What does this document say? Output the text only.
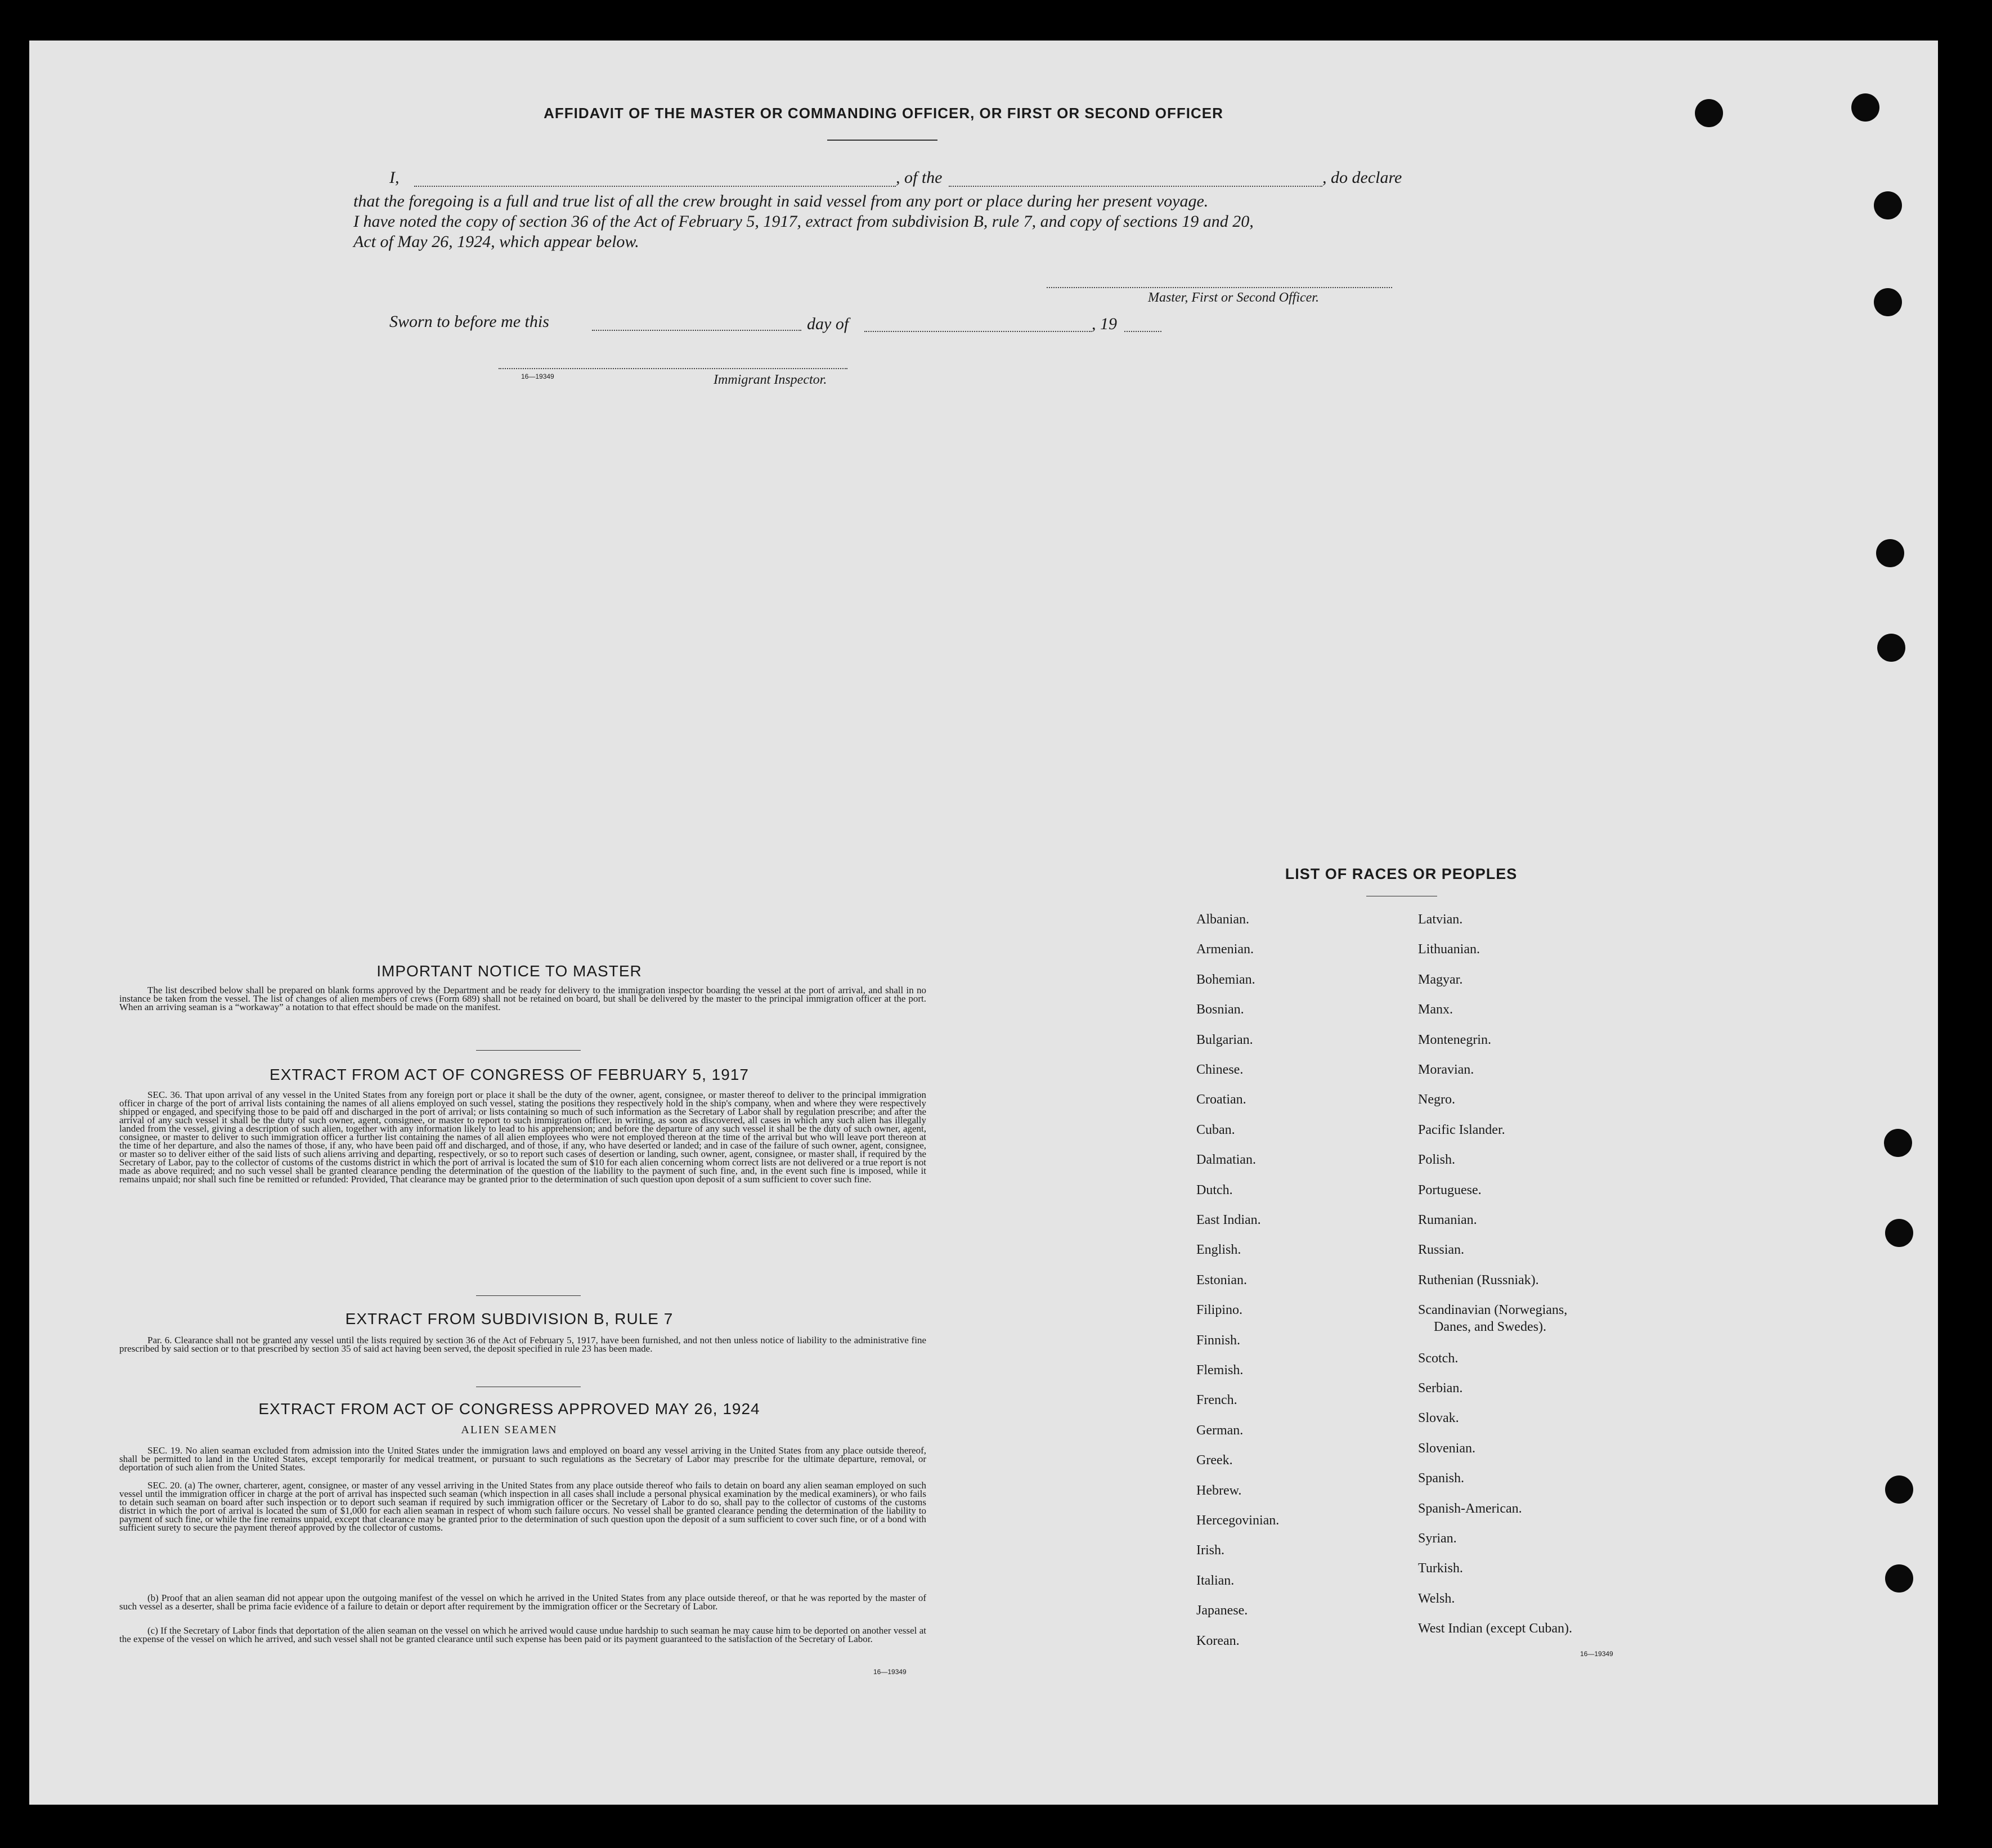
AFFIDAVIT OF THE MASTER OR COMMANDING OFFICER, OR FIRST OR SECOND OFFICER
I,	, of the	, do declare
that the foregoing is a full and true list of all the crew brought in said vessel from any port or place during her present voyage.
I have noted the copy of section 36 of the Act of February 5, 1917, extract from subdivision B, rule 7, and copy of sections 19 and 20,
Act of May 26, 1924, which appear below.
Master, First or Second Officer.
Sworn to before me this	day of	, 19
16—19349	Immigrant Inspector.
IMPORTANT NOTICE TO MASTER
The list described below shall be prepared on blank forms approved by the Department and be ready for delivery to the immigration inspector boarding the vessel at the port of arrival, and shall in no instance be taken from the vessel. The list of changes of alien members of crews (Form 689) shall not be retained on board, but shall be delivered by the master to the principal immigration officer at the port. When an arriving seaman is a “workaway” a notation to that effect should be made on the manifest.
EXTRACT FROM ACT OF CONGRESS OF FEBRUARY 5, 1917
SEC. 36. That upon arrival of any vessel in the United States from any foreign port or place it shall be the duty of the owner, agent, consignee, or master thereof to deliver to the principal immigration officer in charge of the port of arrival lists containing the names of all aliens employed on such vessel, stating the positions they respectively hold in the ship's company, when and where they were respectively shipped or engaged, and specifying those to be paid off and discharged in the port of arrival; or lists containing so much of such information as the Secretary of Labor shall by regulation prescribe; and after the arrival of any such vessel it shall be the duty of such owner, agent, consignee, or master to report to such immigration officer, in writing, as soon as discovered, all cases in which any such alien has illegally landed from the vessel, giving a description of such alien, together with any information likely to lead to his apprehension; and before the departure of any such vessel it shall be the duty of such owner, agent, consignee, or master to deliver to such immigration officer a further list containing the names of all alien employees who were not employed thereon at the time of the arrival but who will leave port thereon at the time of her departure, and also the names of those, if any, who have been paid off and discharged, and of those, if any, who have deserted or landed; and in case of the failure of such owner, agent, consignee, or master so to deliver either of the said lists of such aliens arriving and departing, respectively, or so to report such cases of desertion or landing, such owner, agent, consignee, or master shall, if required by the Secretary of Labor, pay to the collector of customs of the customs district in which the port of arrival is located the sum of $10 for each alien concerning whom correct lists are not delivered or a true report is not made as above required; and no such vessel shall be granted clearance pending the determination of the question of the liability to the payment of such fine, and, in the event such fine is imposed, while it remains unpaid; nor shall such fine be remitted or refunded: Provided, That clearance may be granted prior to the determination of such question upon deposit of a sum sufficient to cover such fine.
EXTRACT FROM SUBDIVISION B, RULE 7
Par. 6. Clearance shall not be granted any vessel until the lists required by section 36 of the Act of February 5, 1917, have been furnished, and not then unless notice of liability to the administrative fine prescribed by said section or to that prescribed by section 35 of said act having been served, the deposit specified in rule 23 has been made.
EXTRACT FROM ACT OF CONGRESS APPROVED MAY 26, 1924
ALIEN SEAMEN
SEC. 19. No alien seaman excluded from admission into the United States under the immigration laws and employed on board any vessel arriving in the United States from any place outside thereof, shall be permitted to land in the United States, except temporarily for medical treatment, or pursuant to such regulations as the Secretary of Labor may prescribe for the ultimate departure, removal, or deportation of such alien from the United States.
SEC. 20. (a) The owner, charterer, agent, consignee, or master of any vessel arriving in the United States from any place outside thereof who fails to detain on board any alien seaman employed on such vessel until the immigration officer in charge at the port of arrival has inspected such seaman (which inspection in all cases shall include a personal physical examination by the medical examiners), or who fails to detain such seaman on board after such inspection or to deport such seaman if required by such immigration officer or the Secretary of Labor to do so, shall pay to the collector of customs of the customs district in which the port of arrival is located the sum of $1,000 for each alien seaman in respect of whom such failure occurs. No vessel shall be granted clearance pending the determination of the liability to payment of such fine, or while the fine remains unpaid, except that clearance may be granted prior to the determination of such question upon the deposit of a sum sufficient to cover such fine, or of a bond with sufficient surety to secure the payment thereof approved by the collector of customs.
(b) Proof that an alien seaman did not appear upon the outgoing manifest of the vessel on which he arrived in the United States from any place outside thereof, or that he was reported by the master of such vessel as a deserter, shall be prima facie evidence of a failure to detain or deport after requirement by the immigration officer or the Secretary of Labor.
(c) If the Secretary of Labor finds that deportation of the alien seaman on the vessel on which he arrived would cause undue hardship to such seaman he may cause him to be deported on another vessel at the expense of the vessel on which he arrived, and such vessel shall not be granted clearance until such expense has been paid or its payment guaranteed to the satisfaction of the Secretary of Labor.
16—19349
LIST OF RACES OR PEOPLES
16—19349
Albanian.
Armenian.
Bohemian.
Bosnian.
Bulgarian.
Chinese.
Croatian.
Cuban.
Dalmatian.
Dutch.
East Indian.
English.
Estonian.
Filipino.
Finnish.
Flemish.
French.
German.
Greek.
Hebrew.
Hercegovinian.
Irish.
Italian.
Japanese.
Korean.
Latvian.
Lithuanian.
Magyar.
Manx.
Montenegrin.
Moravian.
Negro.
Pacific Islander.
Polish.
Portuguese.
Rumanian.
Russian.
Ruthenian (Russniak).
Scandinavian (Norwegians,
Danes, and Swedes).
Scotch.
Serbian.
Slovak.
Slovenian.
Spanish.
Spanish-American.
Syrian.
Turkish.
Welsh.
West Indian (except Cuban).
